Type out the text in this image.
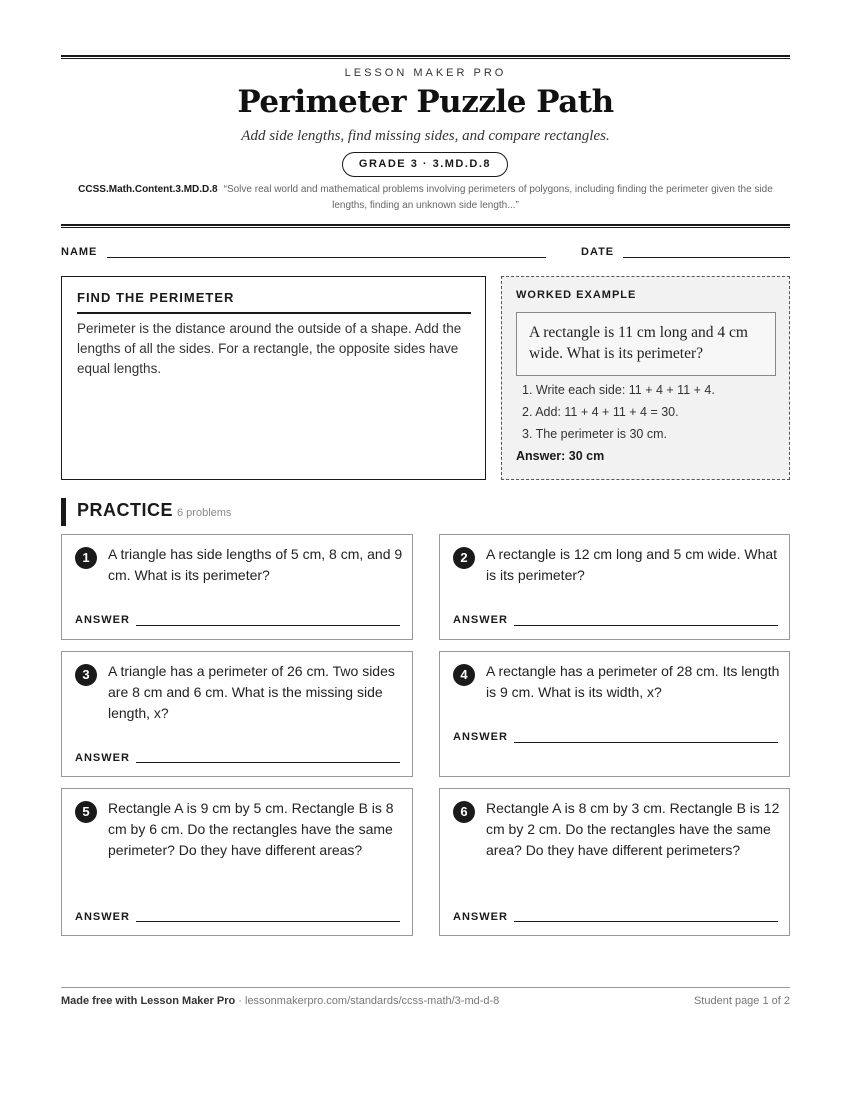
LESSON MAKER PRO
Perimeter Puzzle Path
Add side lengths, find missing sides, and compare rectangles.
GRADE 3 · 3.MD.D.8
CCSS.Math.Content.3.MD.D.8 “Solve real world and mathematical problems involving perimeters of polygons, including finding the perimeter given the side lengths, finding an unknown side length...”
NAME	DATE
FIND THE PERIMETER
Perimeter is the distance around the outside of a shape. Add the lengths of all the sides. For a rectangle, the opposite sides have equal lengths.
WORKED EXAMPLE
A rectangle is 11 cm long and 4 cm wide. What is its perimeter?
1. Write each side: 11 + 4 + 11 + 4.
2. Add: 11 + 4 + 11 + 4 = 30.
3. The perimeter is 30 cm.
Answer: 30 cm
PRACTICE 6 problems
1	A triangle has side lengths of 5 cm, 8 cm, and 9 cm. What is its perimeter?
ANSWER
2	A rectangle is 12 cm long and 5 cm wide. What is its perimeter?
ANSWER
3	A triangle has a perimeter of 26 cm. Two sides are 8 cm and 6 cm. What is the missing side length, x?
ANSWER
4	A rectangle has a perimeter of 28 cm. Its length is 9 cm. What is its width, x?
ANSWER
5	Rectangle A is 9 cm by 5 cm. Rectangle B is 8 cm by 6 cm. Do the rectangles have the same perimeter? Do they have different areas?
ANSWER
6	Rectangle A is 8 cm by 3 cm. Rectangle B is 12 cm by 2 cm. Do the rectangles have the same area? Do they have different perimeters?
ANSWER
Made free with Lesson Maker Pro · lessonmakerpro.com/standards/ccss-math/3-md-d-8	Student page 1 of 2
